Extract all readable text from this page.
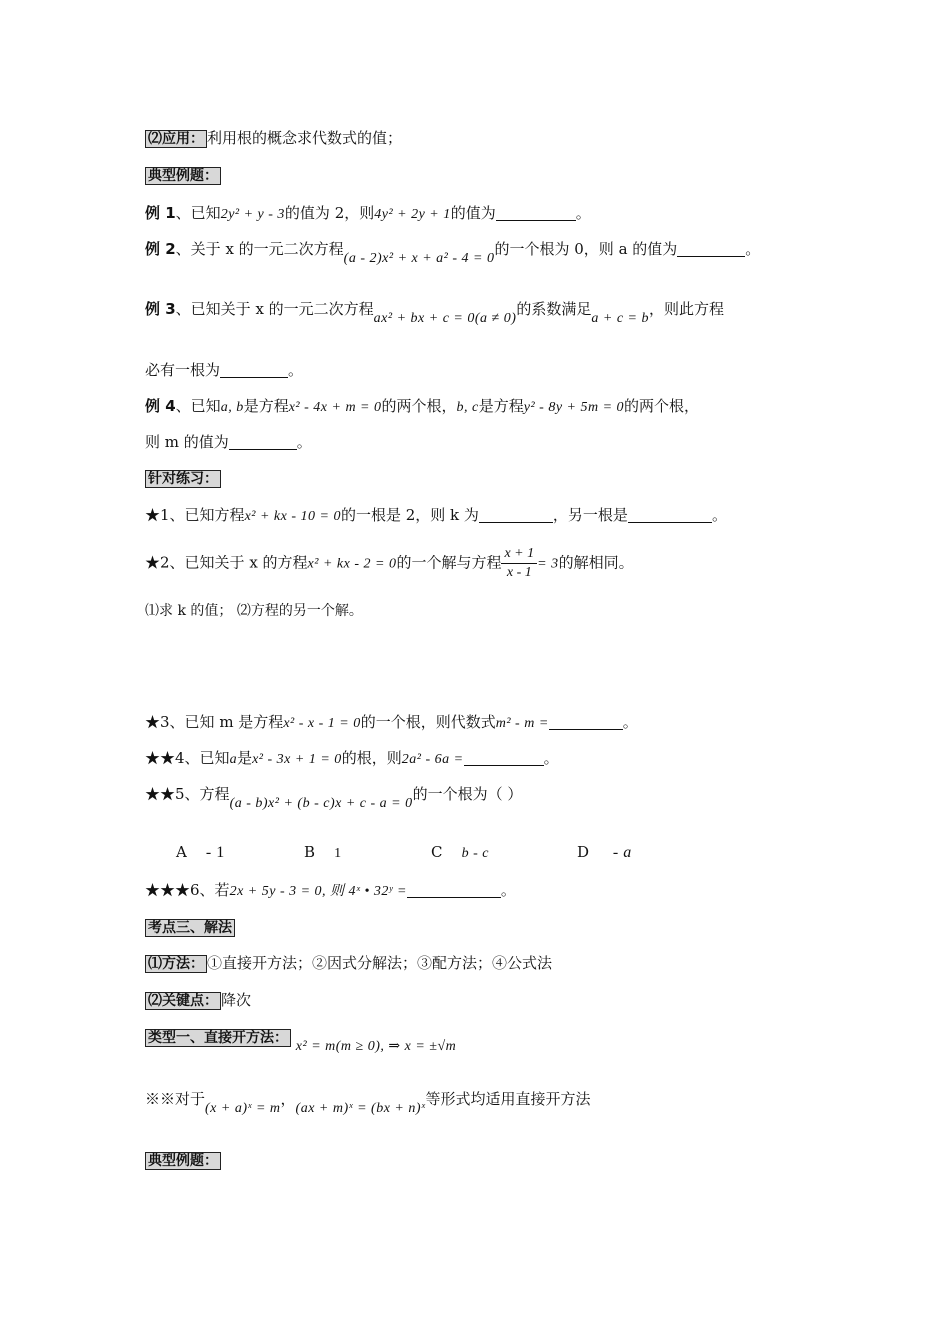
⑵应用： 利用根的概念求代数式的值；
典型例题：
例 1、已知2y² + y - 3的值为 2，则4y² + 2y + 1的值为	。
例 2、关于 x 的一元二次方程(a - 2)x² + x + a² - 4 = 0的一个根为 0，则 a 的值为	。
例 3、已知关于 x 的一元二次方程ax² + bx + c = 0(a ≠ 0)的系数满足a + c = b，则此方程
必有一根为	。
例 4、已知a, b是方程x² - 4x + m = 0的两个根，b, c是方程y² - 8y + 5m = 0的两个根，
则 m 的值为	。
针对练习：
★1、已知方程x² + kx - 10 = 0的一根是 2，则 k 为	，另一根是	。
★2、已知关于 x 的方程x² + kx - 2 = 0的一个解与方程 $\frac{x + 1}{x - 1} = 3$的解相同。
⑴求 k 的值； ⑵方程的另一个解。
★3、已知 m 是方程x² - x - 1 = 0的一个根，则代数式m² - m =	。
★★4、已知a是x² - 3x + 1 = 0的根，则2a² - 6a =	。
★★5、方程(a - b)x² + (b - c)x + c - a = 0的一个根为（ ）
A - 1	B 1	C b - c	D - a
★★★6、若2x + 5y - 3 = 0, 则 4ˣ • 32ʸ =	。
考点三、解法
⑴方法： ①直接开方法；②因式分解法；③配方法；④公式法
⑵关键点： 降次
类型一、直接开方法： x² = m(m ≥ 0), ⇒ x = ±√m
※※对于(x + a)ˣ = m，(ax + m)ˣ = (bx + n)ˣ等形式均适用直接开方法
典型例题：
